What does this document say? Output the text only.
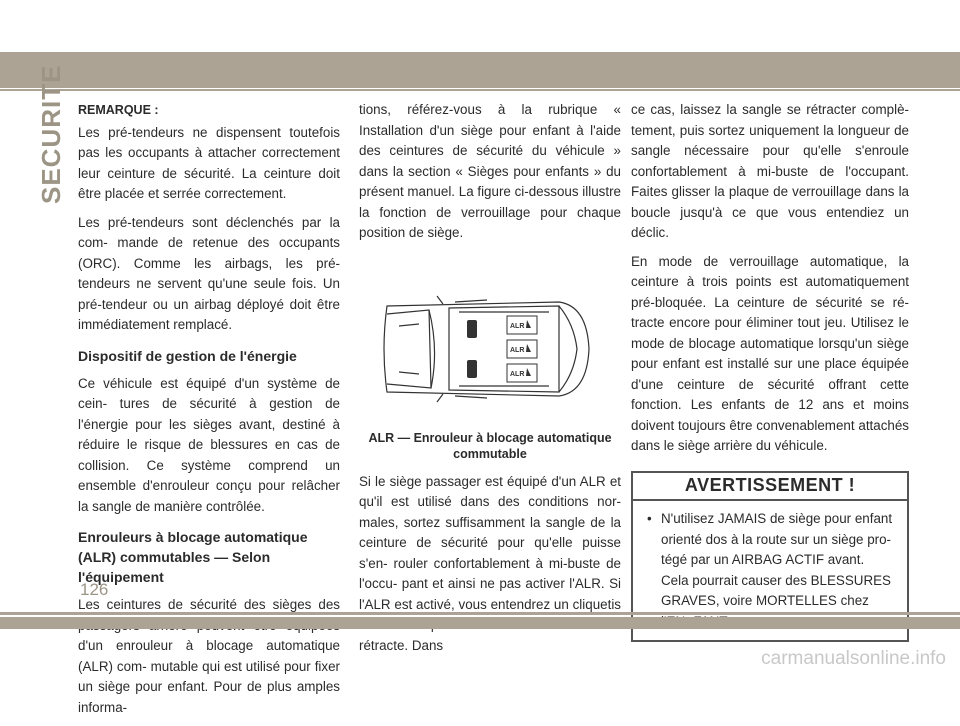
SECURITE REMARQUE :

Les pré-tendeurs ne dispensent toutefois pas les occupants à attacher correctement leur ceinture de sécurité. La ceinture doit être placée et serrée correctement.

Les pré-tendeurs sont déclenchés par la com- mande de retenue des occupants (ORC). Comme les airbags, les pré-tendeurs ne servent qu'une seule fois. Un pré-tendeur ou un airbag déployé doit être immédiatement remplacé.

Dispositif de gestion de l'énergie

Ce véhicule est équipé d'un système de cein- tures de sécurité à gestion de l'énergie pour les sièges avant, destiné à réduire le risque de blessures en cas de collision. Ce système comprend un ensemble d'enrouleur conçu pour relâcher la sangle de manière contrôlée.

Enrouleurs à blocage automatique (ALR) commutables — Selon l'équipement

Les ceintures de sécurité des sièges des d'un enrouleur à blocage automatique (ALR) com- mutable qui est utilisé pour fixer un siège pour enfant. Pour de plus amples informa-

tions, référez-vous à la rubrique « Installation d'un siège pour enfant à l'aide des ceintures de sécurité du véhicule » dans la section « Sièges pour enfants » du présent manuel. La figure ci-dessous illustre la fonction de verrouillage pour chaque position de siège.

ALR
ALR
ALR
ALR — Enrouleur à blocage automatique commutable

Si le siège passager est équipé d'un ALR et qu'il est utilisé dans des conditions nor- males, sortez suffisamment la sangle de la ceinture de sécurité pour qu'elle puisse s'en- rouler confortablement à mi-buste de l'occu- pant et ainsi ne pas activer l'ALR. Si l'ALR est activé, vous entendrez un cliquetis rétracte. Dans

ce cas, laissez la sangle se rétracter complè- tement, puis sortez uniquement la longueur de sangle nécessaire pour qu'elle s'enroule confortablement à mi-buste de l'occupant. Faites glisser la plaque de verrouillage dans la boucle jusqu'à ce que vous entendiez un déclic.

En mode de verrouillage automatique, la ceinture à trois points est automatiquement pré-bloquée. La ceinture de sécurité se ré- tracte encore pour éliminer tout jeu. Utilisez le mode de blocage automatique lorsqu'un siège pour enfant est installé sur une place équipée d'une ceinture de sécurité offrant cette fonction. Les enfants de 12 ans et moins doivent toujours être convenablement attachés dans le siège arrière du véhicule.

AVERTISSEMENT !
• N'utilisez JAMAIS de siège pour enfant orienté dos à la route sur un siège pro- tégé par un AIRBAG ACTIF avant. Cela pourrait causer des BLESSURES GRAVES, voire MORTELLES chez
126
carmanualsonline.info
